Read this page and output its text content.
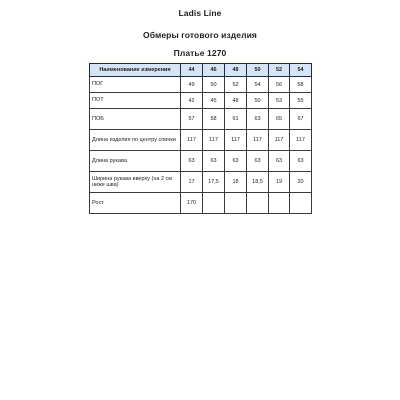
Ladis Line
Обмеры готового изделия
Платье 1270
Наименование измерения	44	46	48	50	52	54
ПОГ	49	50	52	54	56	58
ПОТ	42	45	48	50	53	55
ПОБ	57	58	61	63	65	67
Длина изделия по центру спинки	117	117	117	117	117	117
Длина рукава	63	63	63	63	63	63
Ширина рукава вверху (на 2 см ниже шва)	17	17,5	18	18,5	19	20
Рост	170					
